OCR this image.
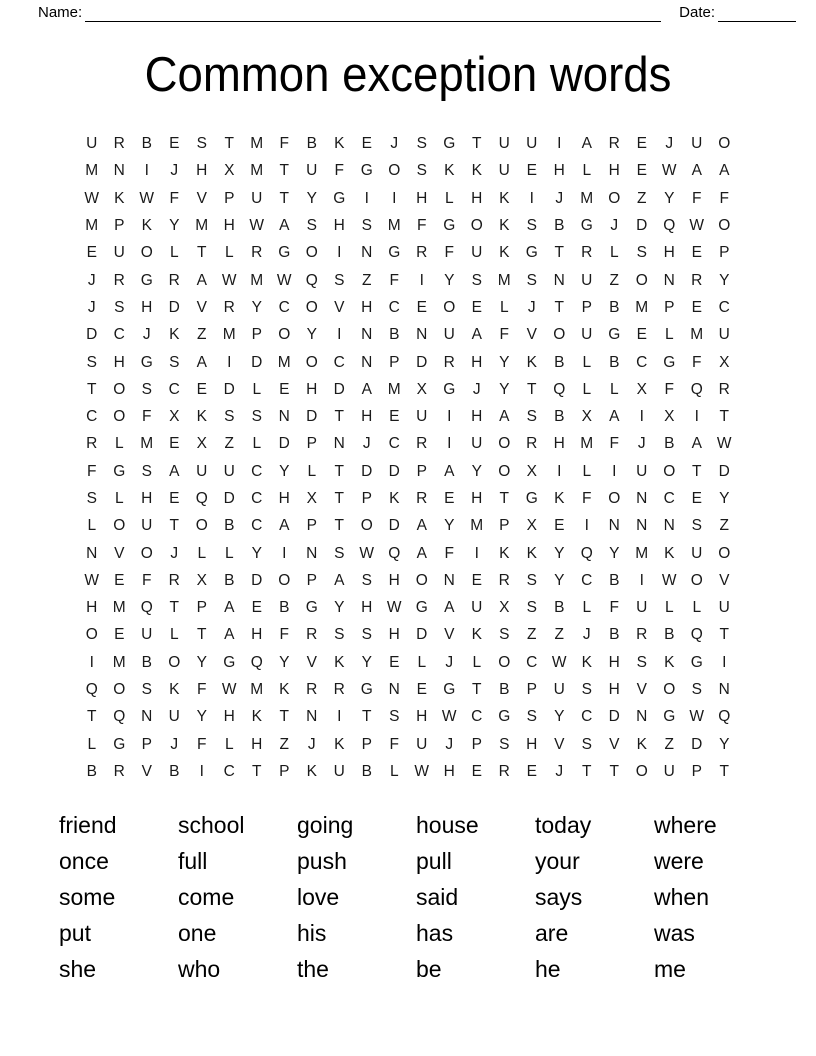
Name:	Date:
Common exception words
U	R	B	E	S	T	M	F	B	K	E	J	S	G	T	U	U	I	A	R	E	J	U	O
M N	I	J	H	X	M	T	U	F	G O	S	K	K	U	E	H	L	H	E W A	A
W K W F	V	P	U	T	Y	G	I	I	H	L	H	K	I	J	M O	Z	Y	F	F
M	P	K	Y	M H W A	S	H	S	M	F	G O	K	S	B	G	J	D	Q W O
E	U	O	L	T	L	R	G O	I	N	G	R	F	U	K	G	T	R	L	S	H	E	P
J	R	G	R	A W M W Q	S	Z	F	I	Y	S	M	S	N	U	Z	O	N	R	Y
J	S	H	D	V	R	Y	C	O	V	H	C	E	O	E	L	J	T	P	B	M	P	E	C
D	C	J	K	Z	M	P	O	Y	I	N	B	N	U	A	F	V	O	U	G	E	L	M U
S	H	G	S	A	I	D M O	C	N	P	D	R	H	Y	K	B	L	B	C	G	F	X
T	O	S	C	E	D	L	E	H	D	A	M	X	G	J	Y	T	Q	L	L	X	F	Q	R
C	O	F	X	K	S	S	N	D	T	H	E	U	I	H	A	S	B	X	A	I	X	I	T
R	L	M	E	X	Z	L	D	P	N	J	C	R	I	U	O	R	H M	F	J	B	A W
F	G	S	A	U	U	C	Y	L	T	D	D	P	A	Y	O	X	I	L	I	U	O	T	D
S	L	H	E	Q	D	C	H	X	T	P	K	R	E	H	T	G	K	F	O	N	C	E	Y
L	O	U	T	O	B	C	A	P	T	O	D	A	Y	M	P	X	E	I	N	N	N	S	Z
N	V	O	J	L	L	Y	I	N	S W Q	A	F	I	K	K	Y	Q	Y	M	K	U	O
W E	F	R	X	B	D	O	P	A	S	H	O	N	E	R	S	Y	C	B	I	W O	V
H M Q	T	P	A	E	B	G	Y	H W G	A	U	X	S	B	L	F	U	L	L	U
O	E	U	L	T	A	H	F	R	S	S	H	D	V	K	S	Z	Z	J	B	R	B	Q	T
I	M	B	O	Y	G Q	Y	V	K	Y	E	L	J	L	O	C W K	H	S	K	G	I
Q O	S	K	F W M	K	R	R	G	N	E	G	T	B	P	U	S	H	V	O	S	N
T	Q	N	U	Y	H	K	T	N	I	T	S	H W C	G	S	Y	C	D	N	G W Q
L	G	P	J	F	L	H	Z	J	K	P	F	U	J	P	S	H	V	S	V	K	Z	D	Y
B	R	V	B	I	C	T	P	K	U	B	L	W H	E	R	E	J	T	T	O	U	P	T
friend	school	going	house	today	where
once	full	push	pull	your	were
some	come	love	said	says	when
put	one	his	has	are	was
she	who	the	be	he	me
